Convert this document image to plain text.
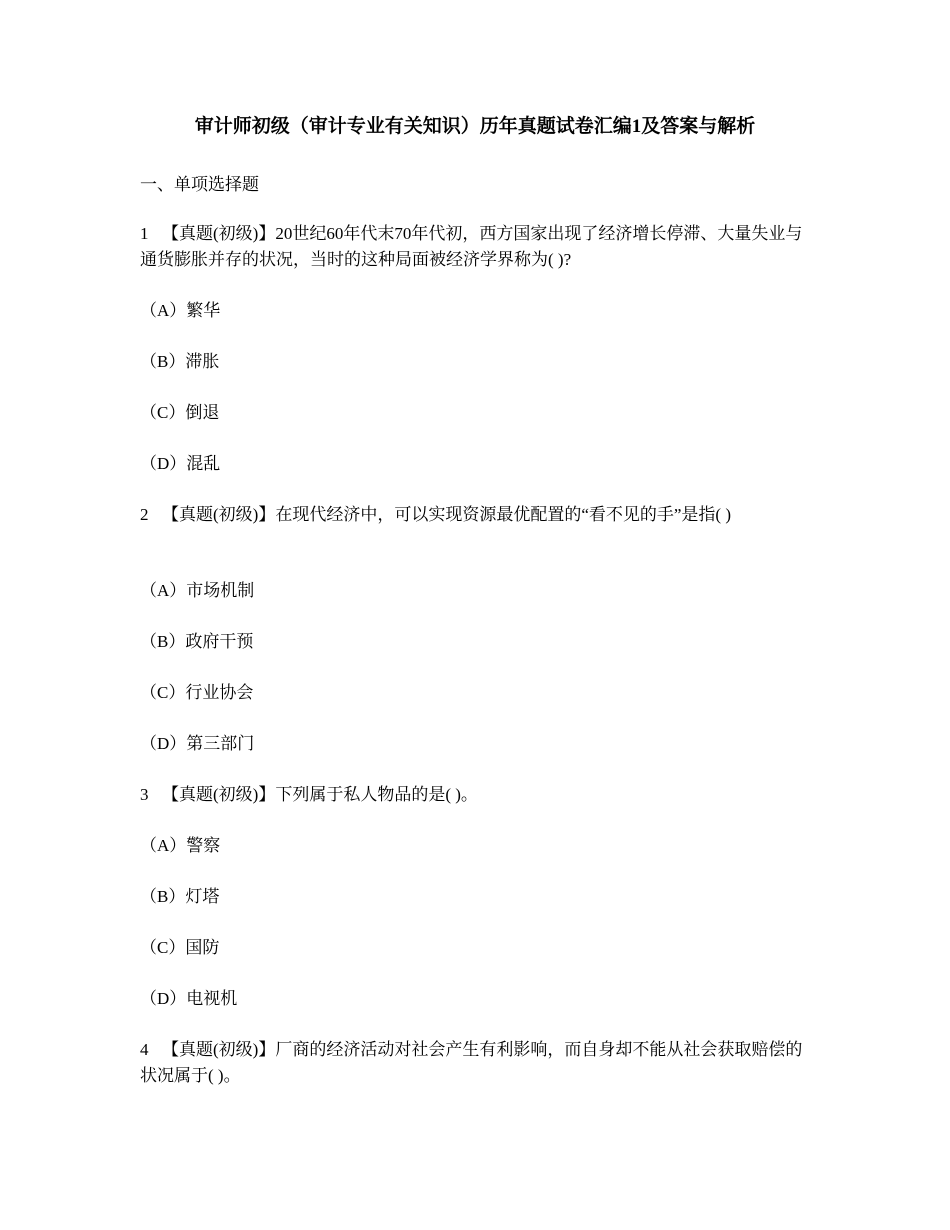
审计师初级（审计专业有关知识）历年真题试卷汇编1及答案与解析
一、单项选择题
1 【真题(初级)】20世纪60年代末70年代初，西方国家出现了经济增长停滞、大量失业与通货膨胀并存的状况，当时的这种局面被经济学界称为( )?
（A）繁华
（B）滞胀
（C）倒退
（D）混乱
2 【真题(初级)】在现代经济中，可以实现资源最优配置的“看不见的手”是指( )
（A）市场机制
（B）政府干预
（C）行业协会
（D）第三部门
3 【真题(初级)】下列属于私人物品的是( )。
（A）警察
（B）灯塔
（C）国防
（D）电视机
4 【真题(初级)】厂商的经济活动对社会产生有利影响，而自身却不能从社会获取赔偿的状况属于( )。
